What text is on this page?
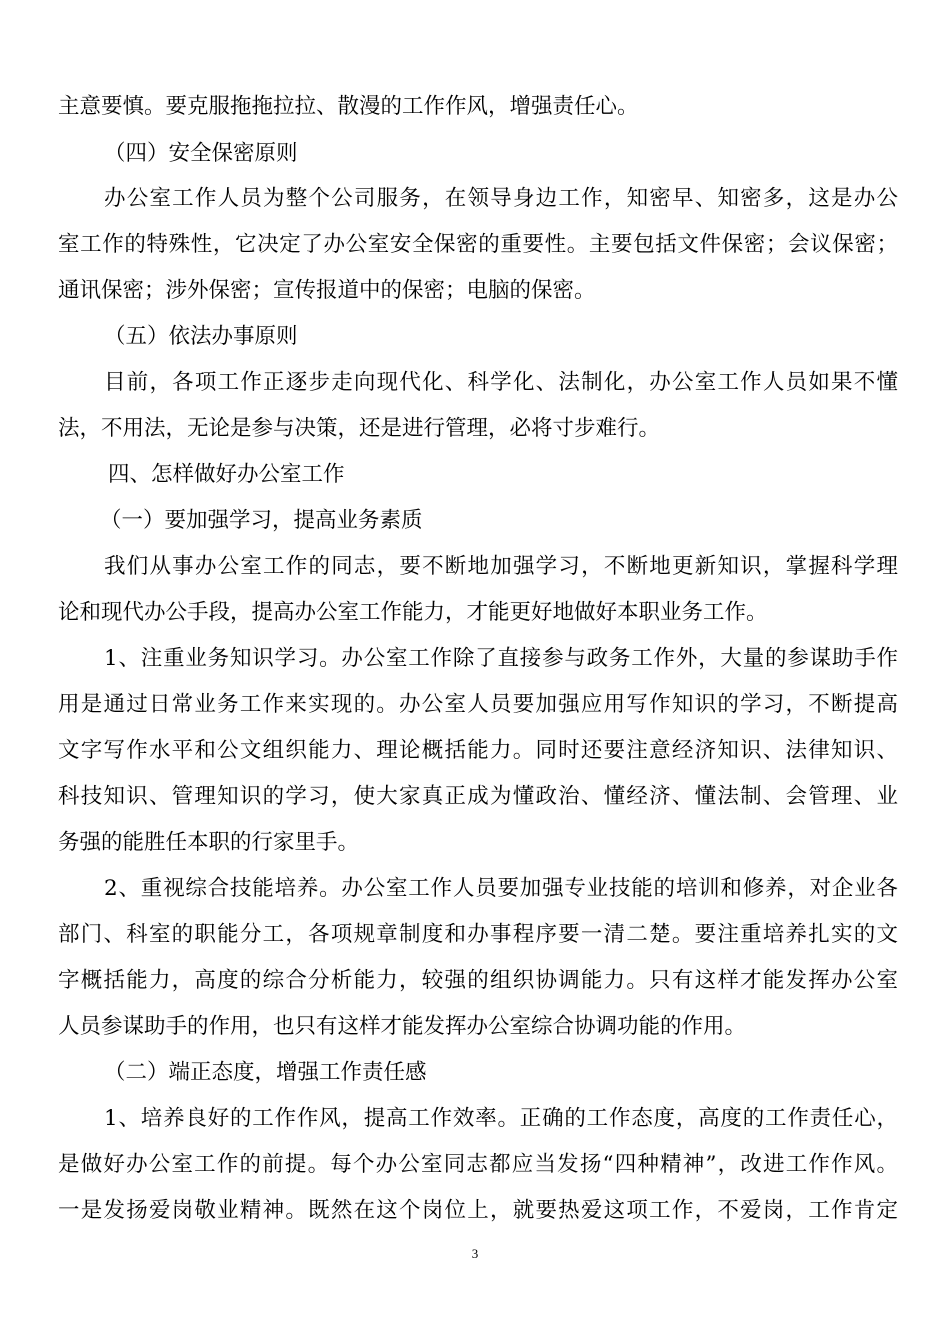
主意要慎。要克服拖拖拉拉、散漫的工作作风，增强责任心。
（四）安全保密原则
办公室工作人员为整个公司服务，在领导身边工作，知密早、知密多，这是办公
室工作的特殊性，它决定了办公室安全保密的重要性。主要包括文件保密；会议保密；
通讯保密；涉外保密；宣传报道中的保密；电脑的保密。
（五）依法办事原则
目前，各项工作正逐步走向现代化、科学化、法制化，办公室工作人员如果不懂
法，不用法，无论是参与决策，还是进行管理，必将寸步难行。
四、怎样做好办公室工作
（一）要加强学习，提高业务素质
我们从事办公室工作的同志，要不断地加强学习，不断地更新知识，掌握科学理
论和现代办公手段，提高办公室工作能力，才能更好地做好本职业务工作。
1、注重业务知识学习。办公室工作除了直接参与政务工作外，大量的参谋助手作
用是通过日常业务工作来实现的。办公室人员要加强应用写作知识的学习，不断提高
文字写作水平和公文组织能力、理论概括能力。同时还要注意经济知识、法律知识、
科技知识、管理知识的学习，使大家真正成为懂政治、懂经济、懂法制、会管理、业
务强的能胜任本职的行家里手。
2、重视综合技能培养。办公室工作人员要加强专业技能的培训和修养，对企业各
部门、科室的职能分工，各项规章制度和办事程序要一清二楚。要注重培养扎实的文
字概括能力，高度的综合分析能力，较强的组织协调能力。只有这样才能发挥办公室
人员参谋助手的作用，也只有这样才能发挥办公室综合协调功能的作用。
（二）端正态度，增强工作责任感
1、培养良好的工作作风，提高工作效率。正确的工作态度，高度的工作责任心，
是做好办公室工作的前提。每个办公室同志都应当发扬“四种精神”，改进工作作风。
一是发扬爱岗敬业精神。既然在这个岗位上，就要热爱这项工作，不爱岗，工作肯定
3
